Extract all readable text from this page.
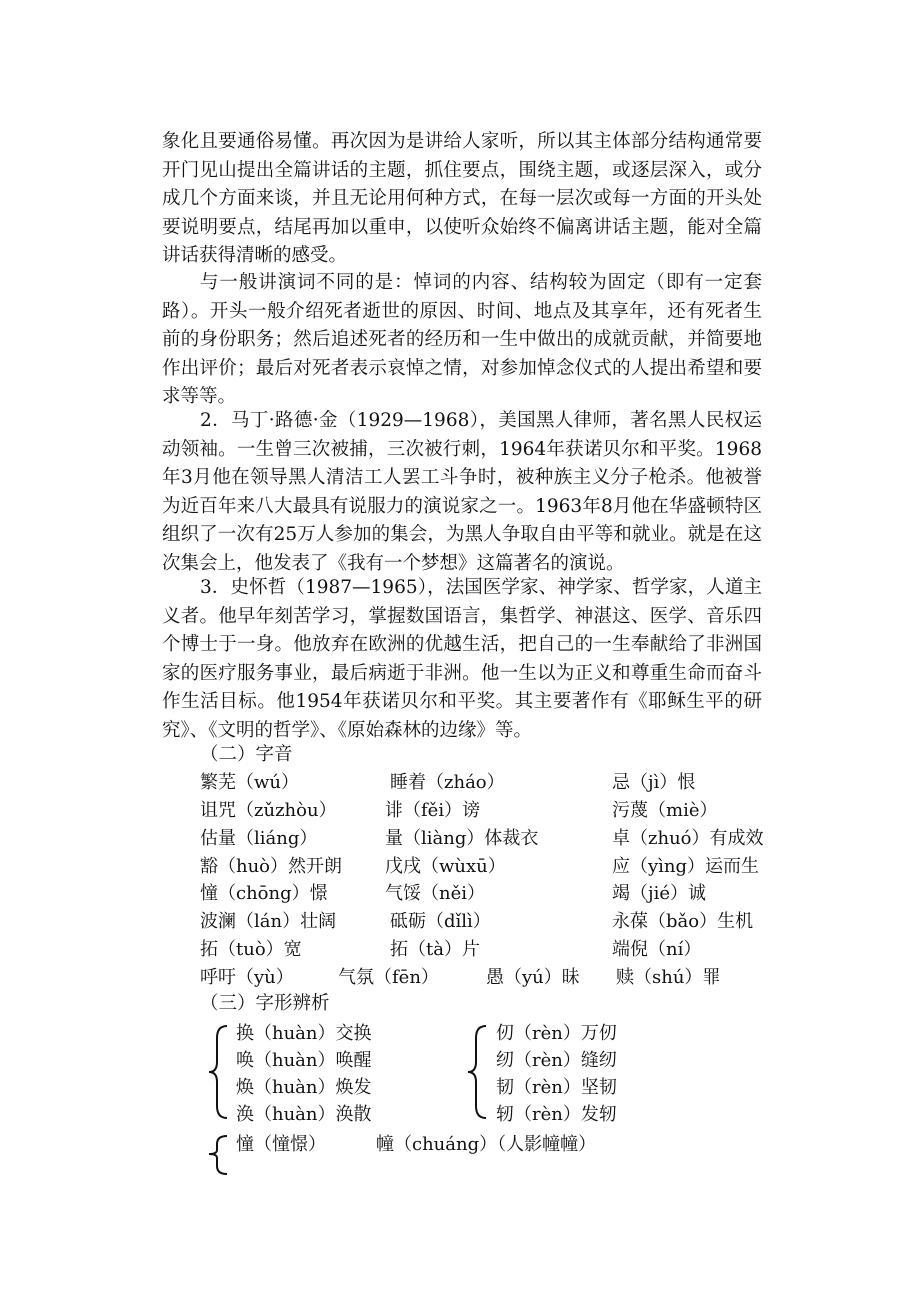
象化且要通俗易懂。再次因为是讲给人家听，所以其主体部分结构通常要开门见山提出全篇讲话的主题，抓住要点，围绕主题，或逐层深入，或分成几个方面来谈，并且无论用何种方式，在每一层次或每一方面的开头处要说明要点，结尾再加以重申，以使听众始终不偏离讲话主题，能对全篇讲话获得清晰的感受。

与一般讲演词不同的是：悼词的内容、结构较为固定（即有一定套路）。开头一般介绍死者逝世的原因、时间、地点及其享年，还有死者生前的身份职务；然后追述死者的经历和一生中做出的成就贡献，并简要地作出评价；最后对死者表示哀悼之情，对参加悼念仪式的人提出希望和要求等等。

2．马丁·路德·金（1929—1968），美国黑人律师，著名黑人民权运动领袖。一生曾三次被捕，三次被行刺，1964年获诺贝尔和平奖。1968年3月他在领导黑人清洁工人罢工斗争时，被种族主义分子枪杀。他被誉为近百年来八大最具有说服力的演说家之一。1963年8月他在华盛顿特区组织了一次有25万人参加的集会，为黑人争取自由平等和就业。就是在这次集会上，他发表了《我有一个梦想》这篇著名的演说。

3．史怀哲（1987—1965），法国医学家、神学家、哲学家，人道主义者。他早年刻苦学习，掌握数国语言，集哲学、神湛这、医学、音乐四个博士于一身。他放弃在欧洲的优越生活，把自己的一生奉献给了非洲国家的医疗服务事业，最后病逝于非洲。他一生以为正义和尊重生命而奋斗作生活目标。他1954年获诺贝尔和平奖。其主要著作有《耶稣生平的研究》、《文明的哲学》、《原始森林的边缘》等。

（二）字音

繁芜（wú）	睡着（zháo）	忌（jì）恨
诅咒（zǔzhòu）	诽（fěi）谤	污蔑（miè）
估量（liáng）	量（liàng）体裁衣	卓（zhuó）有成效
豁（huò）然开朗 戊戌（wùxū）	应（yìng）运而生
憧（chōng）憬	气馁（něi）	竭（jié）诚
波澜（lán）壮阔	砥砺（dǐlì）	永葆（bǎo）生机
拓（tuò）宽	拓（tà）片	端倪（ní）
呼吁（yù） 气氛（fēn）	愚（yú）昧 赎（shú）罪

（三）字形辨析

换（huàn）交换
唤（huàn）唤醒
焕（huàn）焕发
涣（huàn）涣散
仞（rèn）万仞
纫（rèn）缝纫
韧（rèn）坚韧
轫（rèn）发轫
憧（憧憬）	幢（chuáng）（人影幢幢）
